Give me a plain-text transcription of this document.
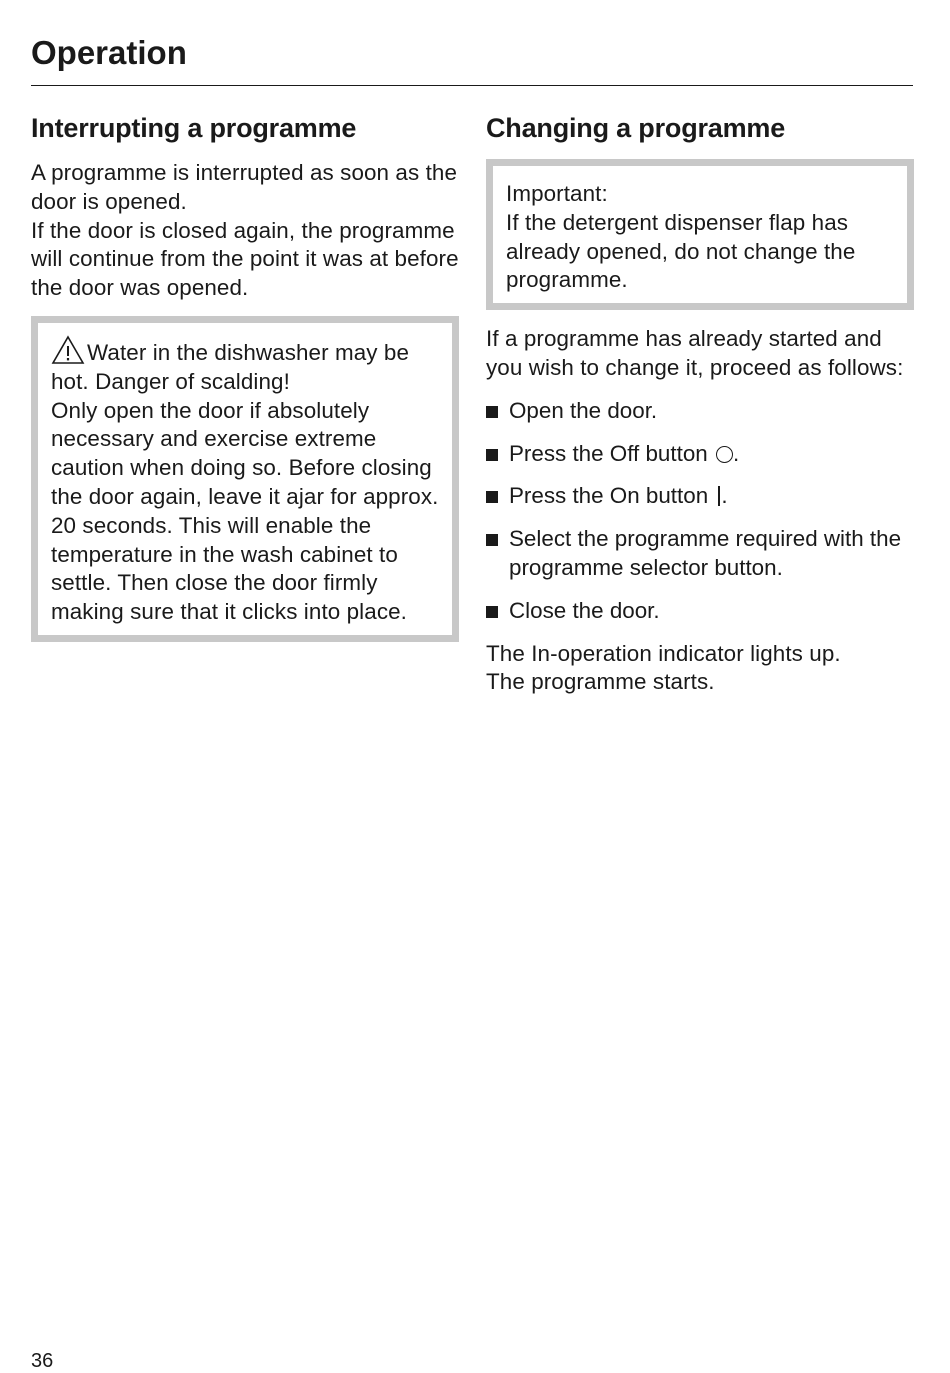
Operation
Interrupting a programme

A programme is interrupted as soon as the door is opened.

If the door is closed again, the programme will continue from the point it was at before the door was opened.

Water in the dishwasher may be hot. Danger of scalding!

Only open the door if absolutely necessary and exercise extreme caution when doing so. Before closing the door again, leave it ajar for approx. 20 seconds. This will enable the temperature in the wash cabinet to settle. Then close the door firmly making sure that it clicks into place.

Changing a programme

Important:

If the detergent dispenser flap has already opened, do not change the programme.

If a programme has already started and you wish to change it, proceed as follows:

Open the door.
Press the Off button .
Press the On button .
Select the programme required with the programme selector button.
Close the door.

The In-operation indicator lights up.

The programme starts.

36
